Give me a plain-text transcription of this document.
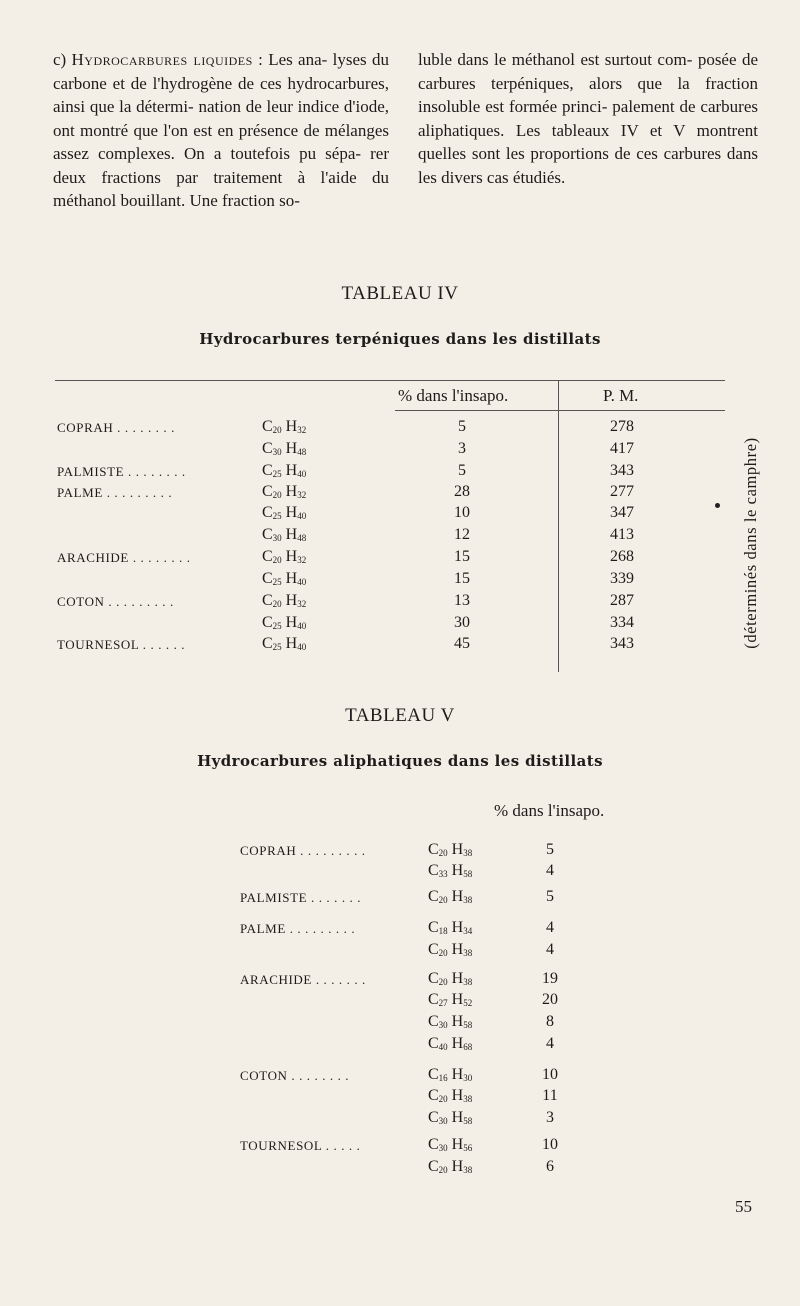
c) Hydrocarbures liquides : Les ana- lyses du carbone et de l'hydrogène de ces hydrocarbures, ainsi que la détermi- nation de leur indice d'iode, ont montré que l'on est en présence de mélanges assez complexes. On a toutefois pu sépa- rer deux fractions par traitement à l'aide du méthanol bouillant. Une fraction so-

luble dans le méthanol est surtout com- posée de carbures terpéniques, alors que la fraction insoluble est formée princi- palement de carbures aliphatiques. Les tableaux IV et V montrent quelles sont les proportions de ces carbures dans les divers cas étudiés.

TABLEAU IV
Hydrocarbures terpéniques dans les distillats
% dans l'insapo.	P. M.
COPRAH . . . . . . . .	$C_{20}$ $H_{32}$	5	278
$C_{30}$ $H_{48}$	3	417
PALMISTE . . . . . . . .	$C_{25}$ $H_{40}$	5	343
PALME . . . . . . . . .	$C_{20}$ $H_{32}$	28	277
$C_{25}$ $H_{40}$	10	347
$C_{30}$ $H_{48}$	12	413
ARACHIDE . . . . . . . .	$C_{20}$ $H_{32}$	15	268
$C_{25}$ $H_{40}$	15	339
COTON . . . . . . . . .	$C_{20}$ $H_{32}$	13	287
$C_{25}$ $H_{40}$	30	334
TOURNESOL . . . . . .	$C_{25}$ $H_{40}$	45	343	(déterminés dans le camphre)
TABLEAU V
Hydrocarbures aliphatiques dans les distillats
% dans l'insapo.
COPRAH . . . . . . . . .	$C_{20}$ $H_{38}$	5
$C_{33}$ $H_{58}$	4
PALMISTE . . . . . . .	$C_{20}$ $H_{38}$	5
PALME . . . . . . . . .	$C_{18}$ $H_{34}$	4
$C_{20}$ $H_{38}$	4
ARACHIDE . . . . . . .	$C_{20}$ $H_{38}$	19
$C_{27}$ $H_{52}$	20
$C_{30}$ $H_{58}$	8
$C_{40}$ $H_{68}$	4
COTON . . . . . . . .	$C_{16}$ $H_{30}$	10
$C_{20}$ $H_{38}$	11
$C_{30}$ $H_{58}$	3
TOURNESOL . . . . .	$C_{30}$ $H_{56}$	10
$C_{20}$ $H_{38}$	6
55
